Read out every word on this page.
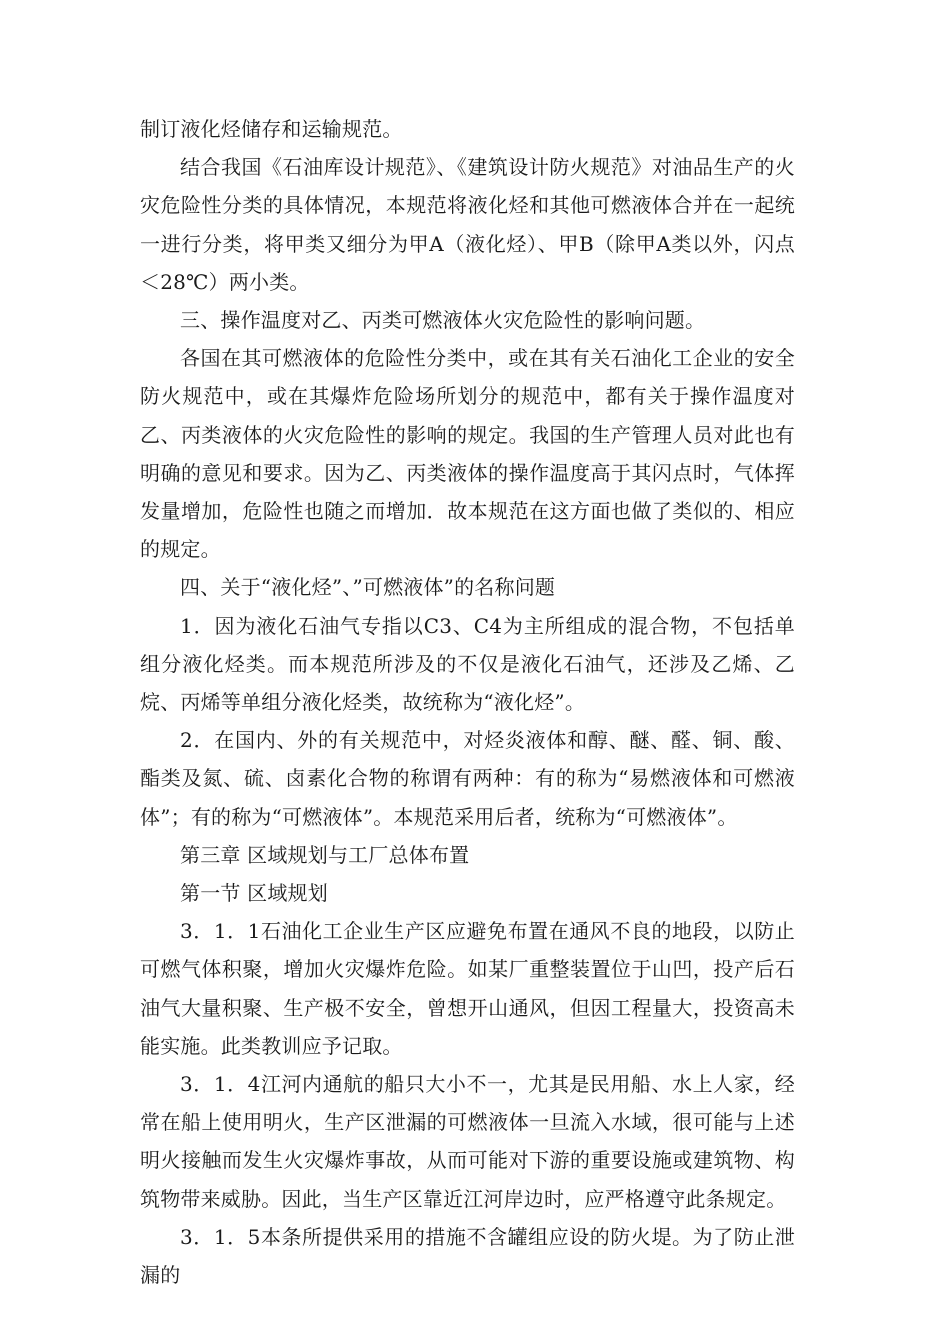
制订液化烃储存和运输规范。

结合我国《石油库设计规范》、《建筑设计防火规范》对油品生产的火灾危险性分类的具体情况，本规范将液化烃和其他可燃液体合并在一起统一进行分类，将甲类又细分为甲A（液化烃）、甲B（除甲A类以外，闪点＜28℃）两小类。

三、操作温度对乙、丙类可燃液体火灾危险性的影响问题。

各国在其可燃液体的危险性分类中，或在其有关石油化工企业的安全防火规范中，或在其爆炸危险场所划分的规范中，都有关于操作温度对乙、丙类液体的火灾危险性的影响的规定。我国的生产管理人员对此也有明确的意见和要求。因为乙、丙类液体的操作温度高于其闪点时，气体挥发量增加，危险性也随之而增加．故本规范在这方面也做了类似的、相应的规定。

四、关于“液化烃”、”可燃液体”的名称问题

1．因为液化石油气专指以C3、C4为主所组成的混合物，不包括单组分液化烃类。而本规范所涉及的不仅是液化石油气，还涉及乙烯、乙烷、丙烯等单组分液化烃类，故统称为“液化烃”。

2．在国内、外的有关规范中，对烃炎液体和醇、醚、醛、铜、酸、酯类及氮、硫、卤素化合物的称谓有两种：有的称为“易燃液体和可燃液体”；有的称为“可燃液体”。本规范采用后者，统称为“可燃液体”。

第三章 区域规划与工厂总体布置

第一节 区域规划

3．1．1石油化工企业生产区应避免布置在通风不良的地段，以防止可燃气体积聚，增加火灾爆炸危险。如某厂重整装置位于山凹，投产后石油气大量积聚、生产极不安全，曾想开山通风，但因工程量大，投资高未能实施。此类教训应予记取。

3．1．4江河内通航的船只大小不一，尤其是民用船、水上人家，经常在船上使用明火，生产区泄漏的可燃液体一旦流入水域，很可能与上述明火接触而发生火灾爆炸事故，从而可能对下游的重要设施或建筑物、构筑物带来威胁。因此，当生产区靠近江河岸边时，应严格遵守此条规定。

3．1．5本条所提供采用的措施不含罐组应设的防火堤。为了防止泄漏的
